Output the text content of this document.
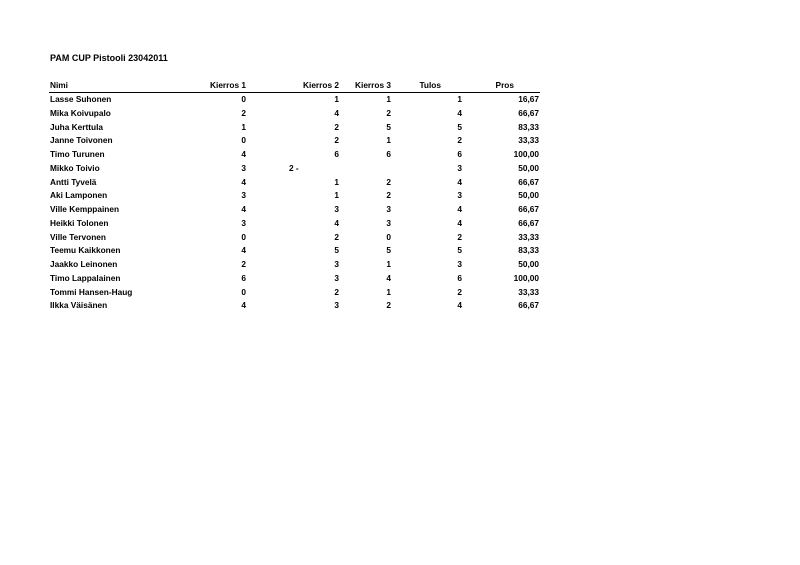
PAM CUP Pistooli 23042011
Nimi	Kierros 1	Kierros 2	Kierros 3	Tulos	Pros
Lasse Suhonen	0	1	1	1	16,67
Mika Koivupalo	2	4	2	4	66,67
Juha Kerttula	1	2	5	5	83,33
Janne Toivonen	0	2	1	2	33,33
Timo Turunen	4	6	6	6	100,00
Mikko Toivio	3	2 -		3	50,00
Antti Tyvelä	4	1	2	4	66,67
Aki Lamponen	3	1	2	3	50,00
Ville Kemppainen	4	3	3	4	66,67
Heikki Tolonen	3	4	3	4	66,67
Ville Tervonen	0	2	0	2	33,33
Teemu Kaikkonen	4	5	5	5	83,33
Jaakko Leinonen	2	3	1	3	50,00
Timo Lappalainen	6	3	4	6	100,00
Tommi Hansen-Haug	0	2	1	2	33,33
Ilkka Väisänen	4	3	2	4	66,67
